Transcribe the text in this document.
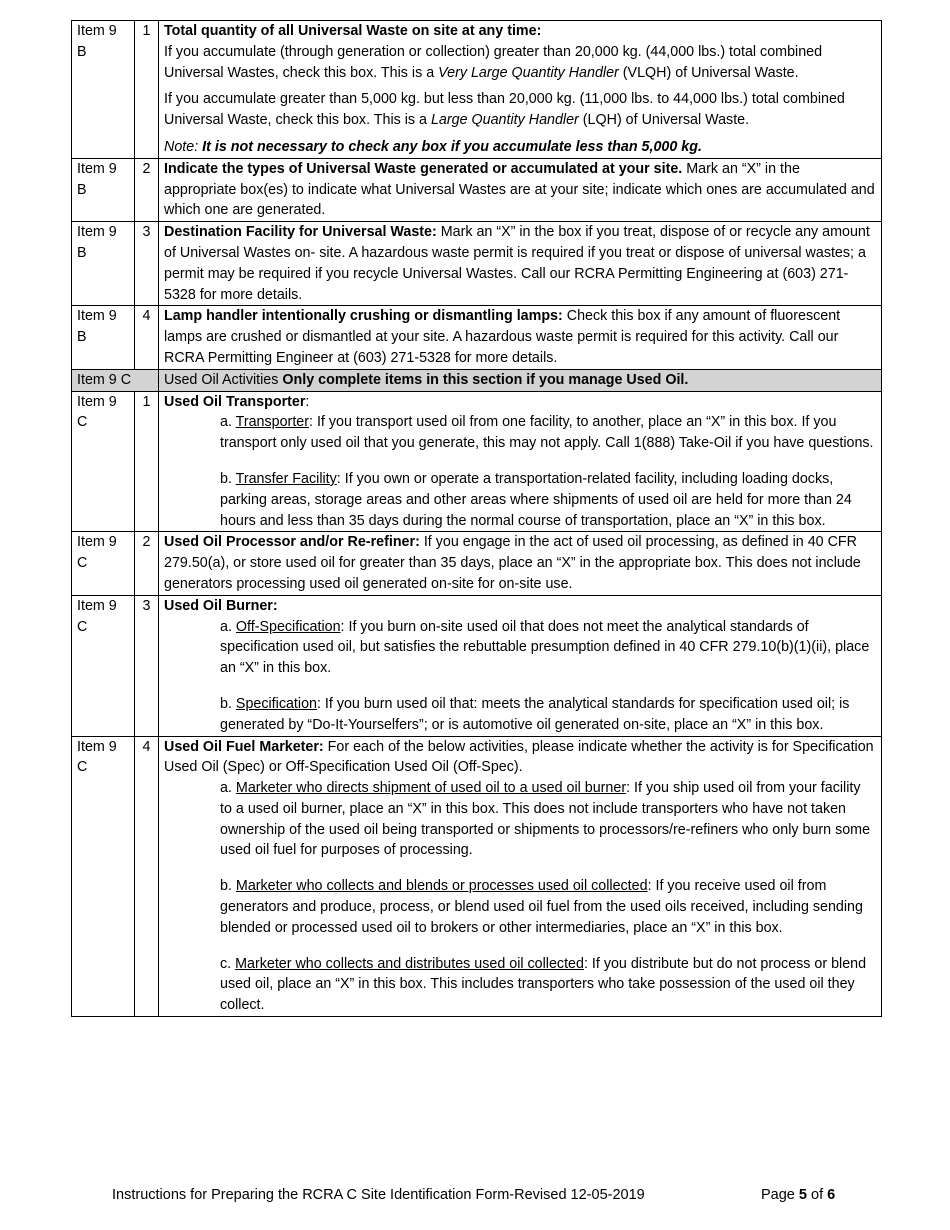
Item 9 B	1	Total quantity of all Universal Waste on site at any time:

If you accumulate (through generation or collection) greater than 20,000 kg. (44,000 lbs.) total combined Universal Wastes, check this box. This is a Very Large Quantity Handler (VLQH) of Universal Waste.

If you accumulate greater than 5,000 kg. but less than 20,000 kg. (11,000 lbs. to 44,000 lbs.) total combined Universal Waste, check this box. This is a Large Quantity Handler (LQH) of Universal Waste.

Note: It is not necessary to check any box if you accumulate less than 5,000 kg.

Item 9 B	2	Indicate the types of Universal Waste generated or accumulated at your site. Mark an “X” in the appropriate box(es) to indicate what Universal Wastes are at your site; indicate which ones are accumulated and which one are generated.
Item 9 B	3	Destination Facility for Universal Waste: Mark an “X” in the box if you treat, dispose of or recycle any amount of Universal Wastes on- site. A hazardous waste permit is required if you treat or dispose of universal wastes; a permit may be required if you recycle Universal Wastes. Call our RCRA Permitting Engineering at (603) 271-5328 for more details.
Item 9 B	4	Lamp handler intentionally crushing or dismantling lamps: Check this box if any amount of fluorescent lamps are crushed or dismantled at your site. A hazardous waste permit is required for this activity. Call our RCRA Permitting Engineer at (603) 271-5328 for more details.
Item 9 C		Used Oil Activities Only complete items in this section if you manage Used Oil.
Item 9 C	1	Used Oil Transporter:

a. Transporter: If you transport used oil from one facility, to another, place an “X” in this box. If you transport only used oil that you generate, this may not apply. Call 1(888) Take-Oil if you have questions.

b. Transfer Facility: If you own or operate a transportation-related facility, including loading docks, parking areas, storage areas and other areas where shipments of used oil are held for more than 24 hours and less than 35 days during the normal course of transportation, place an “X” in this box.

Item 9 C	2	Used Oil Processor and/or Re-refiner: If you engage in the act of used oil processing, as defined in 40 CFR 279.50(a), or store used oil for greater than 35 days, place an “X” in the appropriate box. This does not include generators processing used oil generated on-site for on-site use.
Item 9 C	3	Used Oil Burner:

a. Off-Specification: If you burn on-site used oil that does not meet the analytical standards of specification used oil, but satisfies the rebuttable presumption defined in 40 CFR 279.10(b)(1)(ii), place an “X” in this box.

b. Specification: If you burn used oil that: meets the analytical standards for specification used oil; is generated by “Do-It-Yourselfers”; or is automotive oil generated on-site, place an “X” in this box.

Item 9 C	4	Used Oil Fuel Marketer: For each of the below activities, please indicate whether the activity is for Specification Used Oil (Spec) or Off-Specification Used Oil (Off-Spec).

a. Marketer who directs shipment of used oil to a used oil burner: If you ship used oil from your facility to a used oil burner, place an “X” in this box. This does not include transporters who have not taken ownership of the used oil being transported or shipments to processors/re-refiners who only burn some used oil fuel for purposes of processing.

b. Marketer who collects and blends or processes used oil collected: If you receive used oil from generators and produce, process, or blend used oil fuel from the used oils received, including sending blended or processed used oil to brokers or other intermediaries, place an “X” in this box.

c. Marketer who collects and distributes used oil collected: If you distribute but do not process or blend used oil, place an “X” in this box. This includes transporters who take possession of the used oil they collect.

Instructions for Preparing the RCRA C Site Identification Form-Revised 12-05-2019	Page 5 of 6
